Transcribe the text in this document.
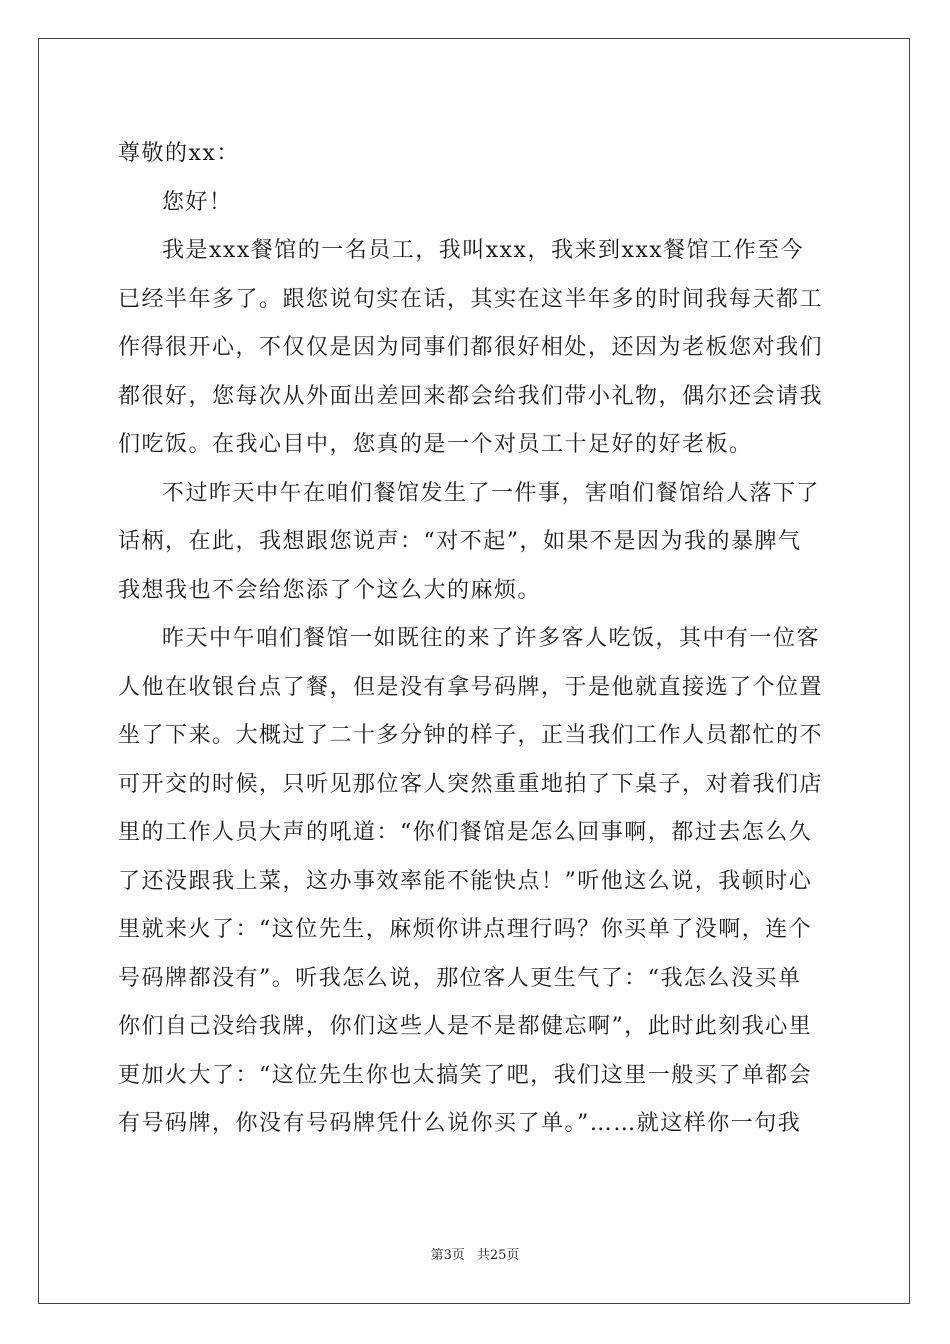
尊敬的xx：
您好！
我是xxx餐馆的一名员工，我叫xxx，我来到xxx餐馆工作至今
已经半年多了。跟您说句实在话，其实在这半年多的时间我每天都工
作得很开心，不仅仅是因为同事们都很好相处，还因为老板您对我们
都很好，您每次从外面出差回来都会给我们带小礼物，偶尔还会请我
们吃饭。在我心目中，您真的是一个对员工十足好的好老板。
不过昨天中午在咱们餐馆发生了一件事，害咱们餐馆给人落下了
话柄，在此，我想跟您说声：“对不起”，如果不是因为我的暴脾气
我想我也不会给您添了个这么大的麻烦。
昨天中午咱们餐馆一如既往的来了许多客人吃饭，其中有一位客
人他在收银台点了餐，但是没有拿号码牌，于是他就直接选了个位置
坐了下来。大概过了二十多分钟的样子，正当我们工作人员都忙的不
可开交的时候，只听见那位客人突然重重地拍了下桌子，对着我们店
里的工作人员大声的吼道：“你们餐馆是怎么回事啊，都过去怎么久
了还没跟我上菜，这办事效率能不能快点！”听他这么说，我顿时心
里就来火了：“这位先生，麻烦你讲点理行吗？你买单了没啊，连个
号码牌都没有”。听我怎么说，那位客人更生气了：“我怎么没买单
你们自己没给我牌，你们这些人是不是都健忘啊”，此时此刻我心里
更加火大了：“这位先生你也太搞笑了吧，我们这里一般买了单都会
有号码牌，你没有号码牌凭什么说你买了单。”……就这样你一句我
第3页 共25页
